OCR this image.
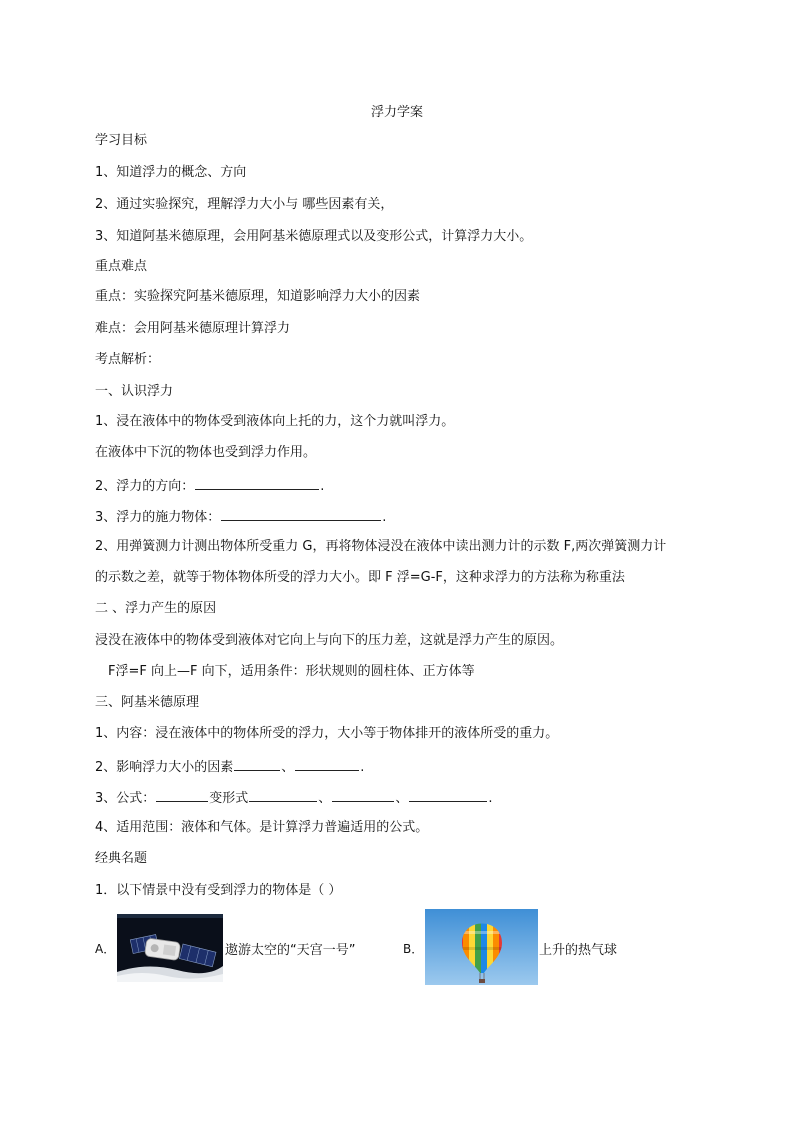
浮力学案
学习目标
1、知道浮力的概念、方向
2、通过实验探究，理解浮力大小与 哪些因素有关，
3、知道阿基米德原理，会用阿基米德原理式以及变形公式，计算浮力大小。
重点难点
重点：实验探究阿基米德原理，知道影响浮力大小的因素
难点：会用阿基米德原理计算浮力
考点解析：
一、认识浮力
1、浸在液体中的物体受到液体向上托的力，这个力就叫浮力。
在液体中下沉的物体也受到浮力作用。
2、浮力的方向：	.
3、浮力的施力物体：	.
2、用弹簧测力计测出物体所受重力 G，再将物体浸没在液体中读出测力计的示数 F,两次弹簧测力计
的示数之差，就等于物体物体所受的浮力大小。即 F 浮=G-F，这种求浮力的方法称为称重法
二 、浮力产生的原因
浸没在液体中的物体受到液体对它向上与向下的压力差，这就是浮力产生的原因。
F浮=F 向上—F 向下，适用条件：形状规则的圆柱体、正方体等
三、阿基米德原理
1、内容：浸在液体中的物体所受的浮力，大小等于物体排开的液体所受的重力。
2、影响浮力大小的因素	、	.
3、公式：	变形式	、	、	.
4、适用范围：液体和气体。是计算浮力普遍适用的公式。
经典名题
1．以下情景中没有受到浮力的物体是（ ）
A．	遨游太空的“天宫一号”	B．	上升的热气球
